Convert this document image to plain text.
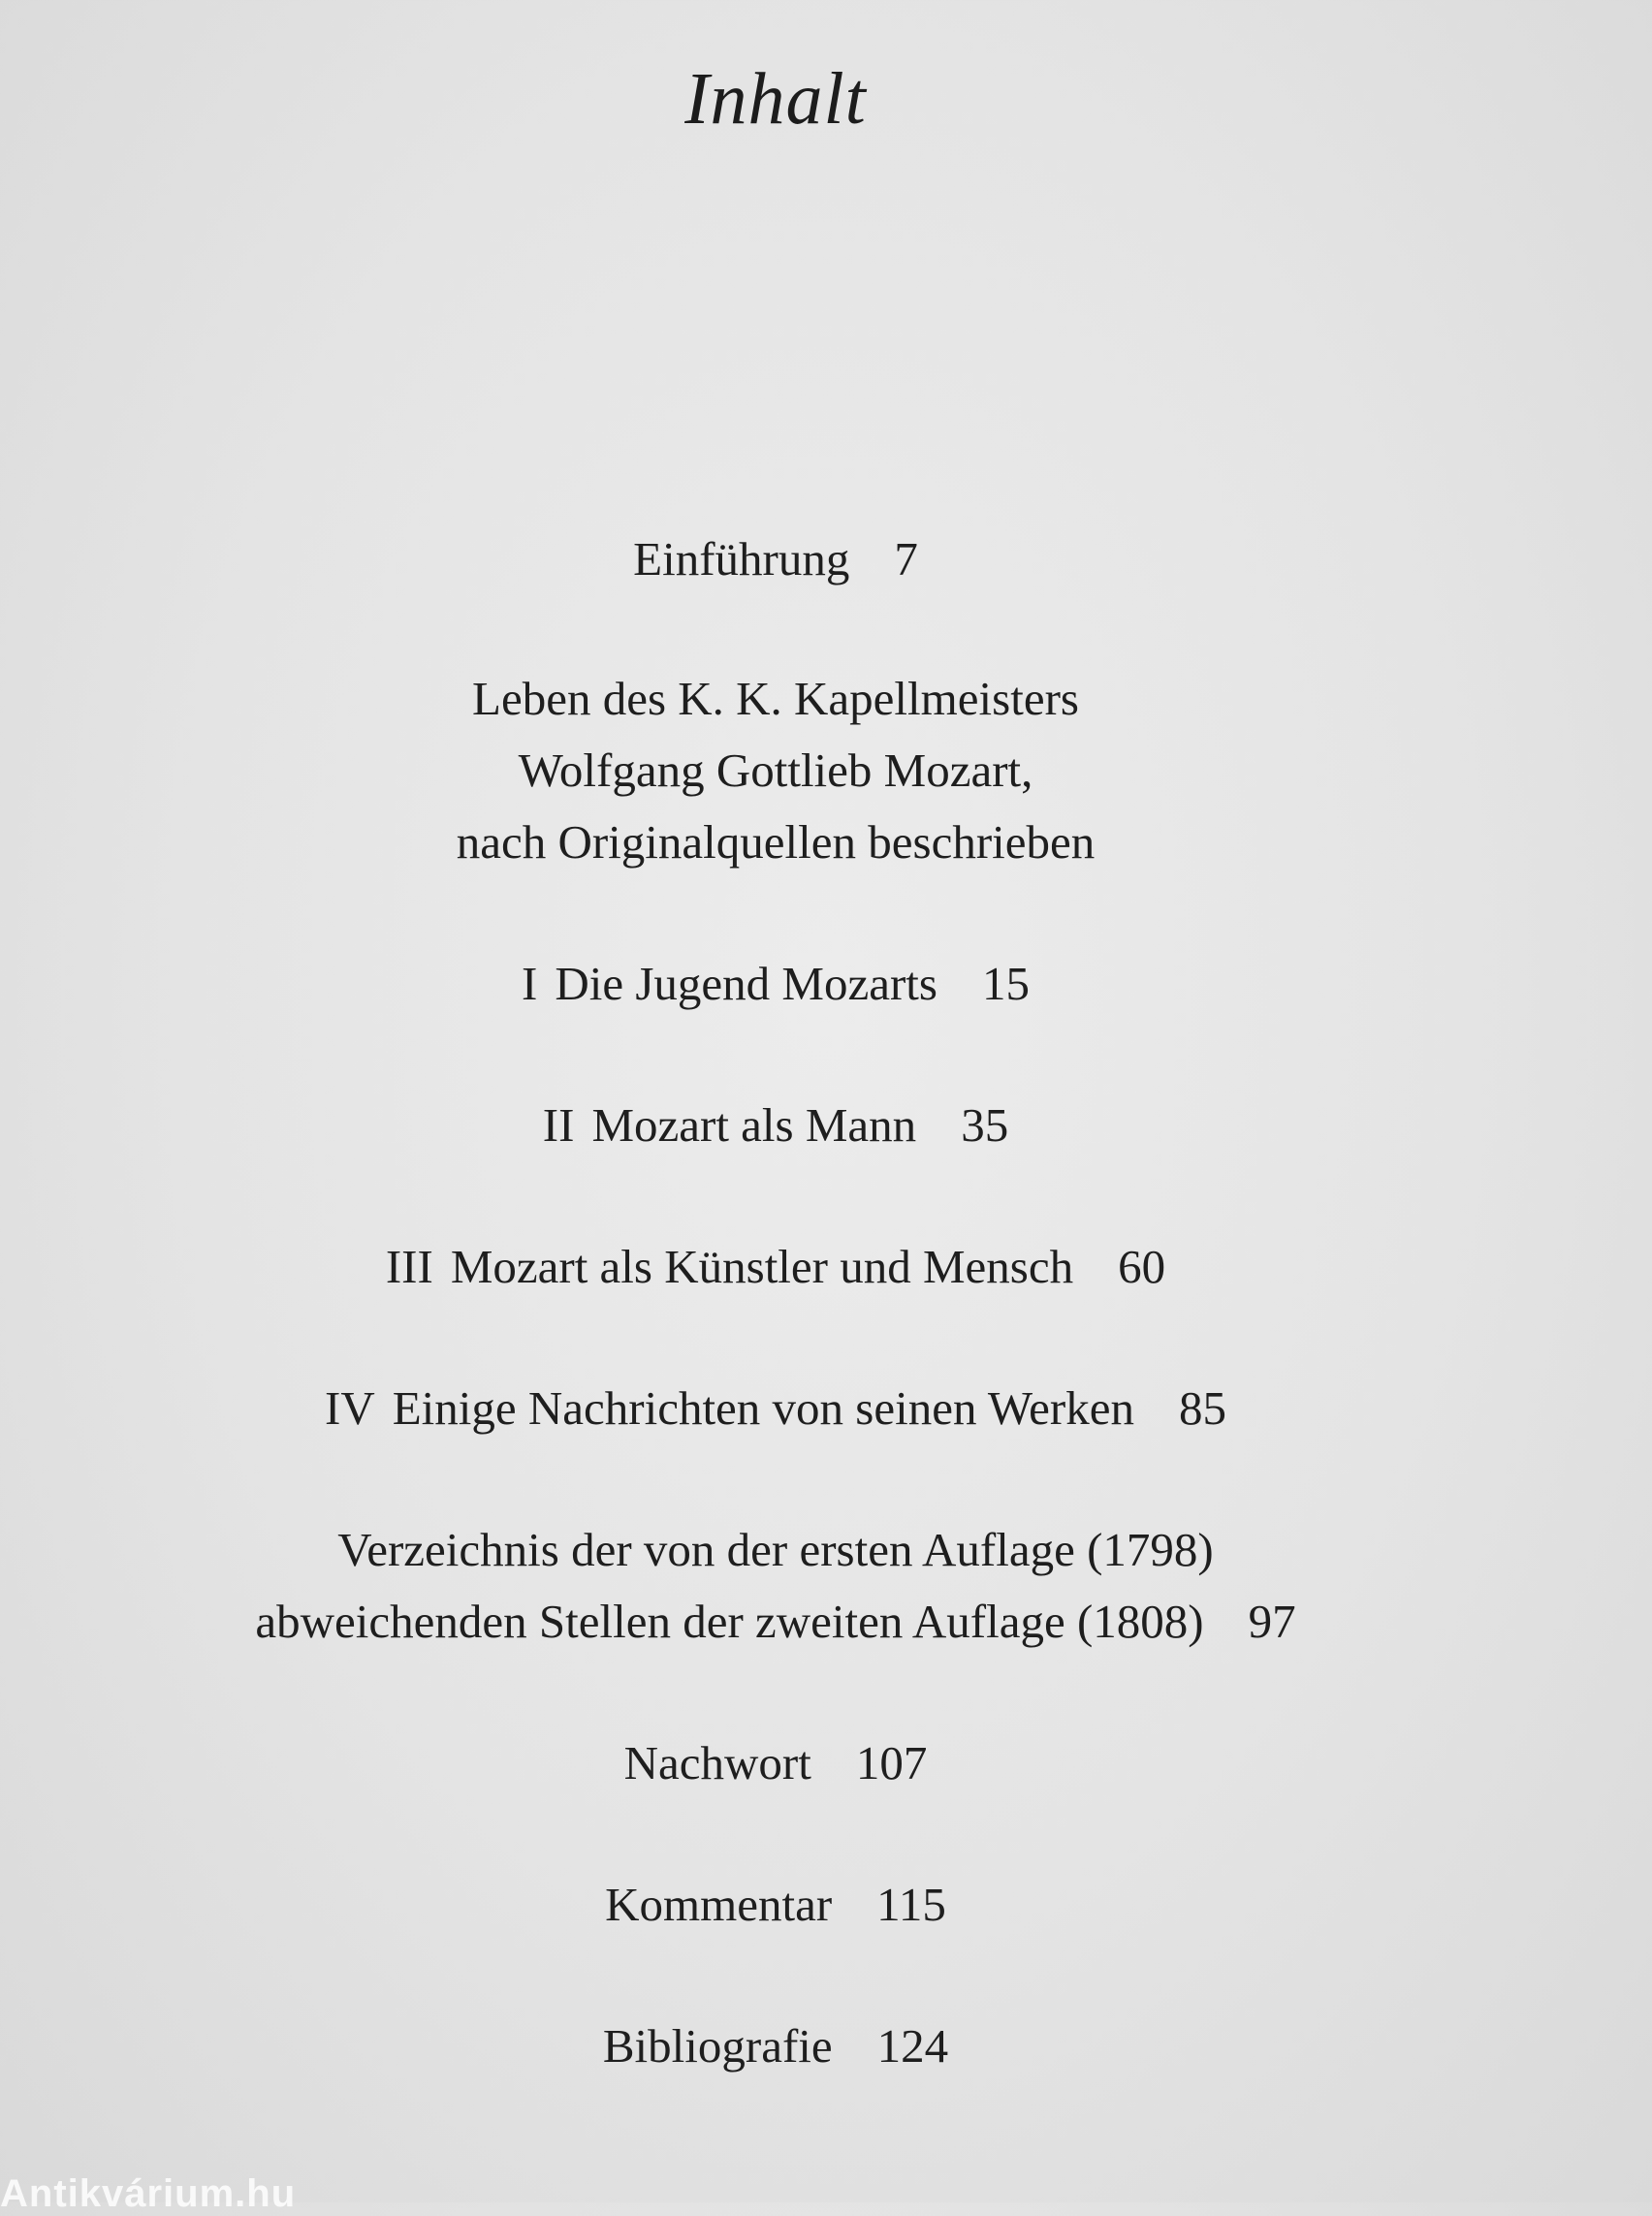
Inhalt
Einführung 7
Leben des K. K. Kapellmeisters
Wolfgang Gottlieb Mozart,
nach Originalquellen beschrieben
I Die Jugend Mozarts 15
II Mozart als Mann 35
III Mozart als Künstler und Mensch 60
IV Einige Nachrichten von seinen Werken 85
Verzeichnis der von der ersten Auflage (1798)
abweichenden Stellen der zweiten Auflage (1808) 97
Nachwort 107
Kommentar 115
Bibliografie 124
Antikvárium.hu
